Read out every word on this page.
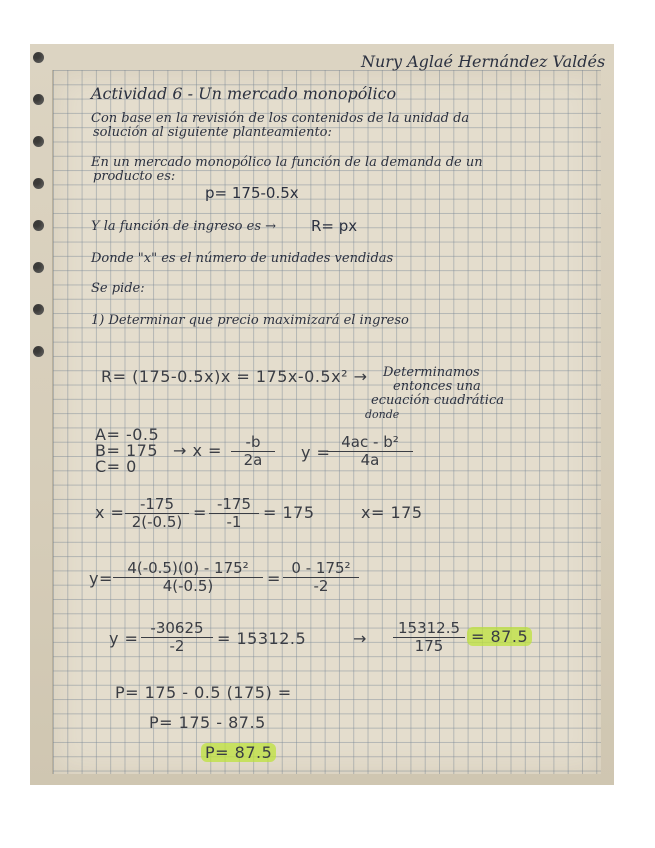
Nury Aglaé Hernández Valdés
Actividad 6 - Un mercado monopólico
Con base en la revisión de los contenidos de la unidad da
solución al siguiente planteamiento:
En un mercado monopólico la función de la demanda de un
producto es:
p= 175-0.5x
Y la función de ingreso es → R= px
Donde "x" es el número de unidades vendidas
Se pide:
1) Determinar que precio maximizará el ingreso
R= (175-0.5x)x = 175x-0.5x² → Determinamos
entonces una
ecuación cuadrática
donde
A= -0.5
B= 175
C= 0
→ $x = \frac{-b}{2a}$ y =
$\frac{\text{4ac - b²}}{4a}$
$x = \frac{-175}{2(-0.5)} = \frac{-175}{-1} = 175$	x= 175
$y= \frac{\text{4(-0.5)(0) - 175²}}{4(-0.5)} = \frac{\text{0 - 175²}}{-2}$
$y = \frac{-30625}{-2} = 15312.5$	→ $\frac{15312.5}{175} = 87.5$
P= 175 - 0.5 (175) =
P= 175 - 87.5
P= 87.5
